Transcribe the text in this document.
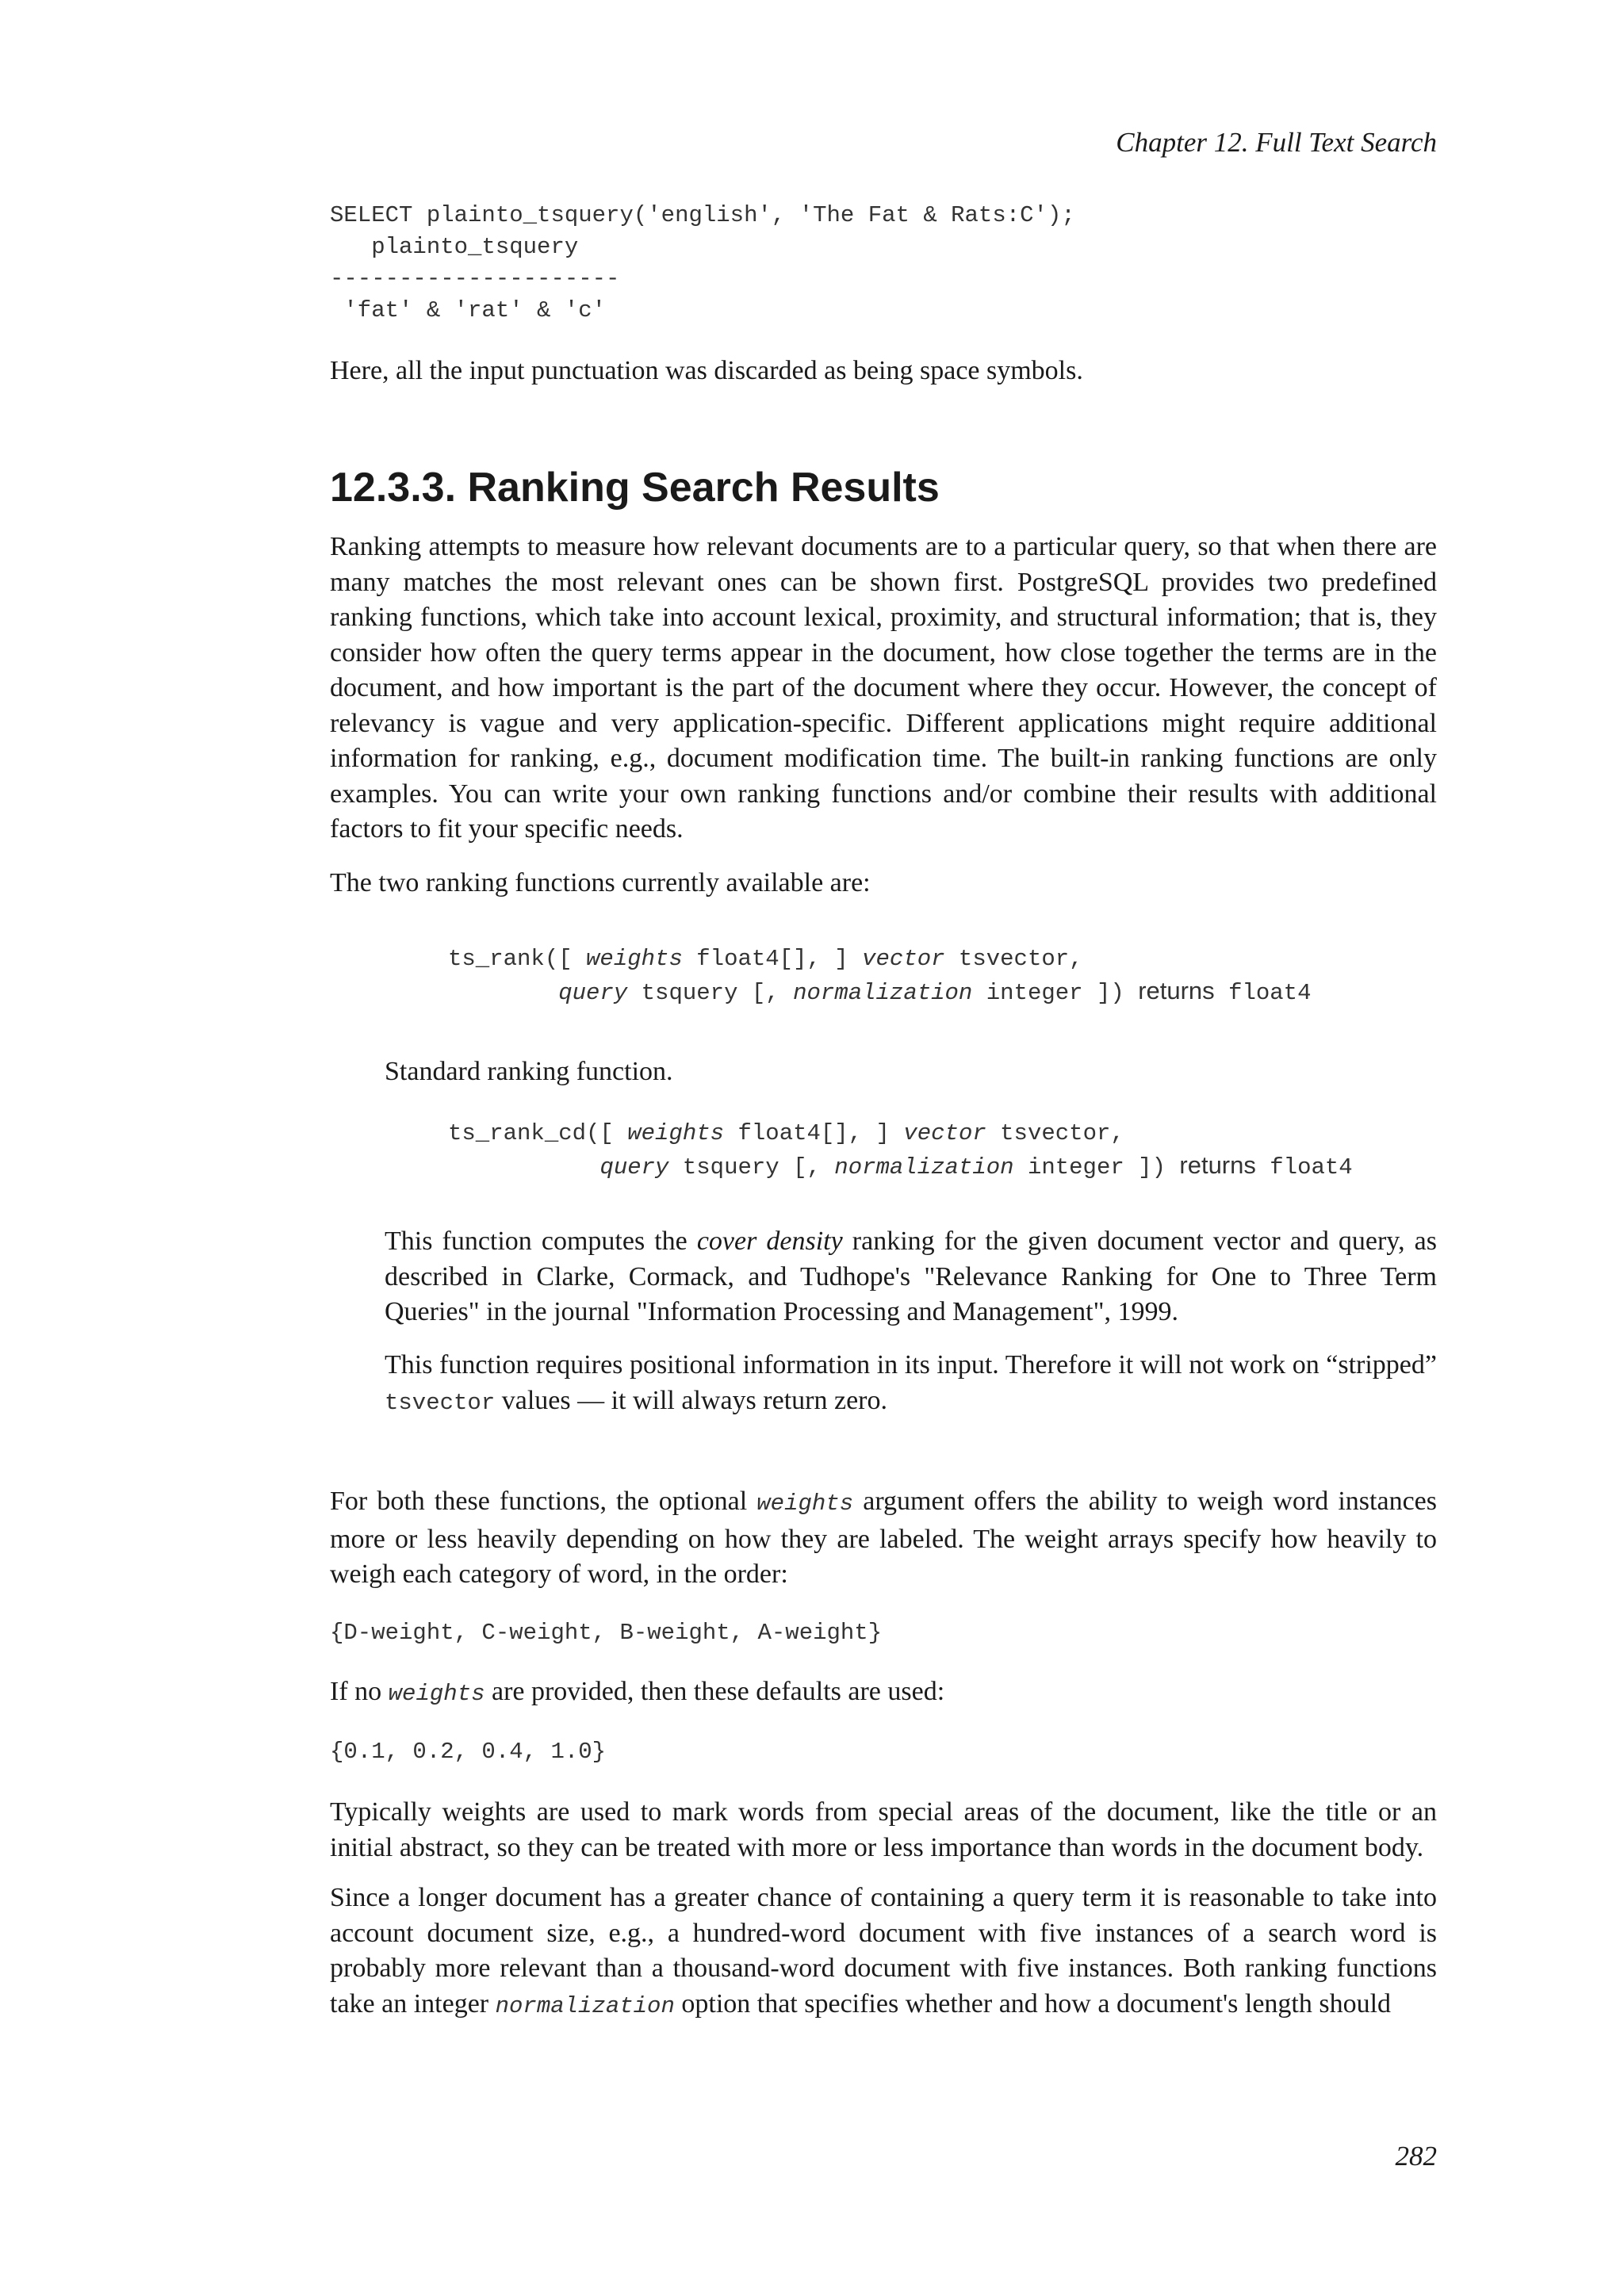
Chapter 12. Full Text Search
SELECT plainto_tsquery('english', 'The Fat & Rats:C');
plainto_tsquery
---------------------
'fat' & 'rat' & 'c'

Here, all the input punctuation was discarded as being space symbols.

12.3.3. Ranking Search Results

Ranking attempts to measure how relevant documents are to a particular query, so that when there are many matches the most relevant ones can be shown first. PostgreSQL provides two predefined ranking functions, which take into account lexical, proximity, and structural information; that is, they consider how often the query terms appear in the document, how close together the terms are in the document, and how important is the part of the document where they occur. However, the concept of relevancy is vague and very application-specific. Different applications might require additional information for ranking, e.g., document modification time. The built-in ranking functions are only examples. You can write your own ranking functions and/or combine their results with additional factors to fit your specific needs.

The two ranking functions currently available are:

ts_rank([ weights float4[], ] vector tsvector,
query tsquery [, normalization integer ]) returns float4

Standard ranking function.

ts_rank_cd([ weights float4[], ] vector tsvector,
query tsquery [, normalization integer ]) returns float4

This function computes the cover density ranking for the given document vector and query, as described in Clarke, Cormack, and Tudhope's "Relevance Ranking for One to Three Term Queries" in the journal "Information Processing and Management", 1999.

This function requires positional information in its input. Therefore it will not work on “stripped” tsvector values — it will always return zero.

For both these functions, the optional weights argument offers the ability to weigh word instances more or less heavily depending on how they are labeled. The weight arrays specify how heavily to weigh each category of word, in the order:

{D-weight, C-weight, B-weight, A-weight}

If no weights are provided, then these defaults are used:

{0.1, 0.2, 0.4, 1.0}

Typically weights are used to mark words from special areas of the document, like the title or an initial abstract, so they can be treated with more or less importance than words in the document body.

Since a longer document has a greater chance of containing a query term it is reasonable to take into account document size, e.g., a hundred-word document with five instances of a search word is probably more relevant than a thousand-word document with five instances. Both ranking functions take an integer normalization option that specifies whether and how a document's length should

282
